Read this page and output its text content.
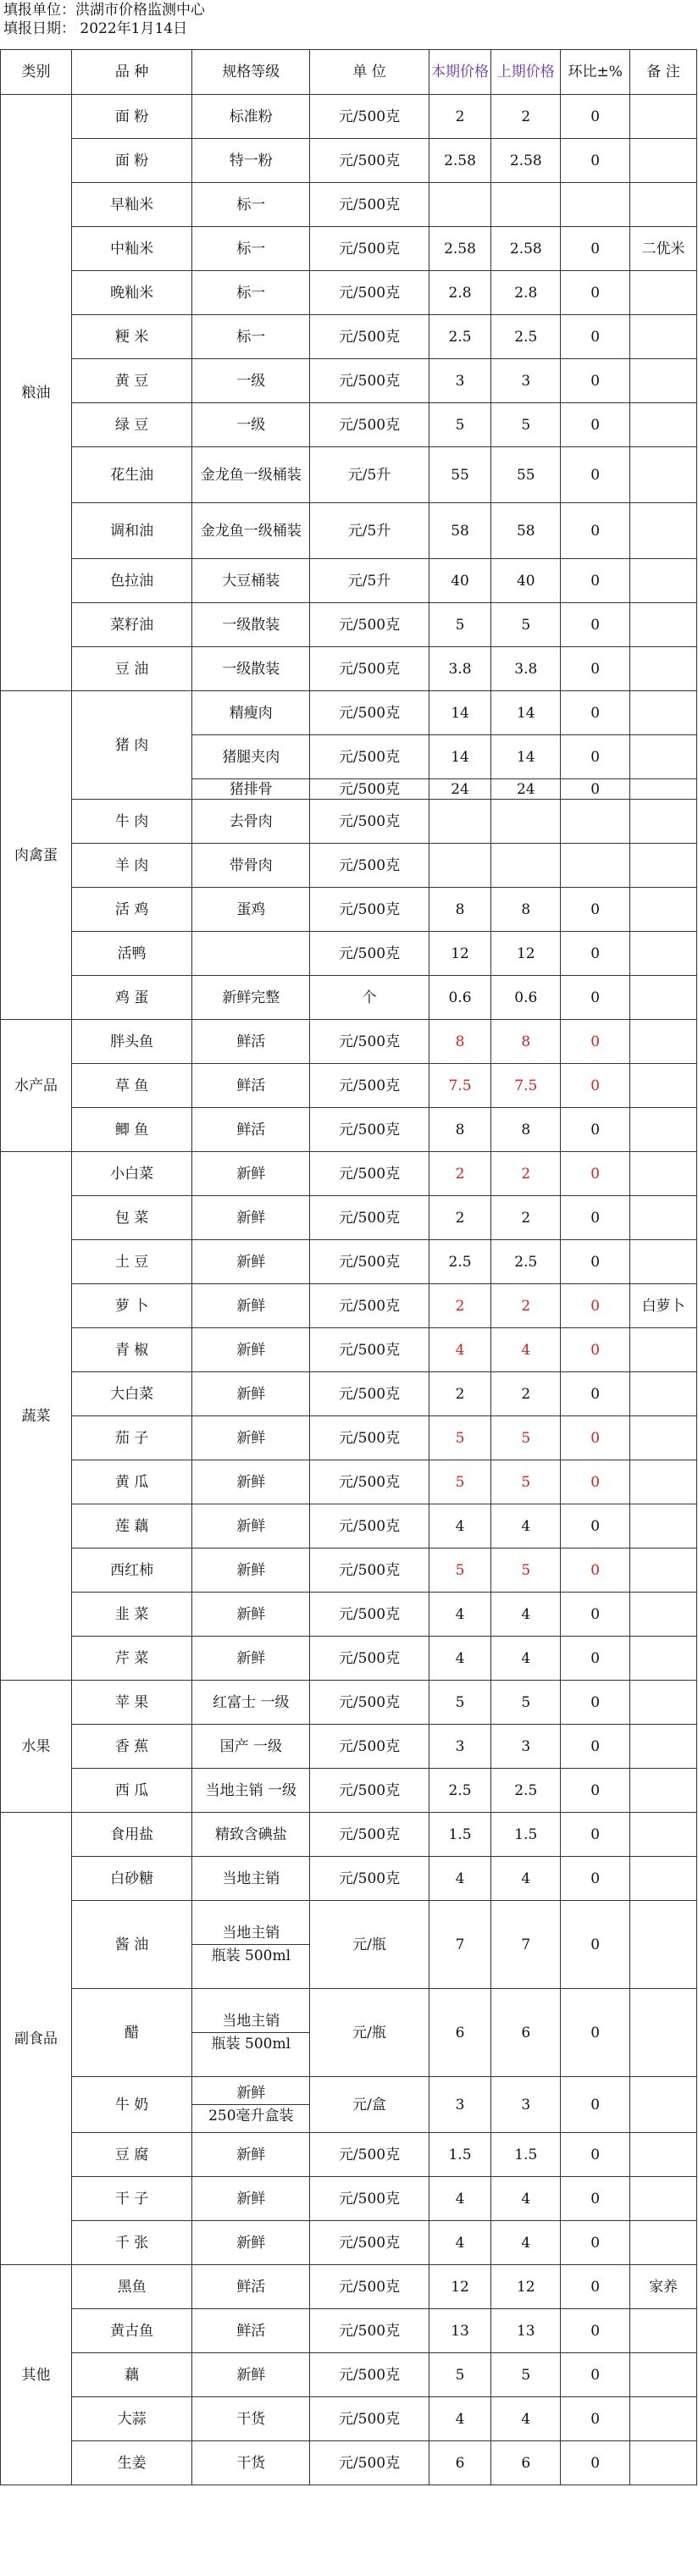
填报单位：洪湖市价格监测中心
填报日期： 2022年1月14日
类别	品 种	规格等级	单 位	本期价格	上期价格	环比±%	备 注
粮油	面 粉	标准粉	元/500克	2	2	0	
	面 粉	特一粉	元/500克	2.58	2.58	0	
	早籼米	标一	元/500克				
	中籼米	标一	元/500克	2.58	2.58	0	二优米
	晚籼米	标一	元/500克	2.8	2.8	0	
	粳 米	标一	元/500克	2.5	2.5	0	
	黄 豆	一级	元/500克	3	3	0	
	绿 豆	一级	元/500克	5	5	0	
	花生油	金龙鱼一级桶装	元/5升	55	55	0	
	调和油	金龙鱼一级桶装	元/5升	58	58	0	
	色拉油	大豆桶装	元/5升	40	40	0	
	菜籽油	一级散装	元/500克	5	5	0	
	豆 油	一级散装	元/500克	3.8	3.8	0	
肉禽蛋	猪 肉	精瘦肉	元/500克	14	14	0	
		猪腿夹肉	元/500克	14	14	0	
		猪排骨	元/500克	24	24	0	
	牛 肉	去骨肉	元/500克				
	羊 肉	带骨肉	元/500克				
	活 鸡	蛋鸡	元/500克	8	8	0	
	活鸭		元/500克	12	12	0	
	鸡 蛋	新鲜完整	个	0.6	0.6	0	
水产品	胖头鱼	鲜活	元/500克	8	8	0	
	草 鱼	鲜活	元/500克	7.5	7.5	0	
	鲫 鱼	鲜活	元/500克	8	8	0	
蔬菜	小白菜	新鲜	元/500克	2	2	0	
	包 菜	新鲜	元/500克	2	2	0	
	土 豆	新鲜	元/500克	2.5	2.5	0	
	萝 卜	新鲜	元/500克	2	2	0	白萝卜
	青 椒	新鲜	元/500克	4	4	0	
	大白菜	新鲜	元/500克	2	2	0	
	茄 子	新鲜	元/500克	5	5	0	
	黄 瓜	新鲜	元/500克	5	5	0	
	莲 藕	新鲜	元/500克	4	4	0	
	西红柿	新鲜	元/500克	5	5	0	
	韭 菜	新鲜	元/500克	4	4	0	
	芹 菜	新鲜	元/500克	4	4	0	
水果	苹 果	红富士 一级	元/500克	5	5	0	
	香 蕉	国产 一级	元/500克	3	3	0	
	西 瓜	当地主销 一级	元/500克	2.5	2.5	0	
副食品	食用盐	精致含碘盐	元/500克	1.5	1.5	0	
	白砂糖	当地主销	元/500克	4	4	0	
	酱 油	当地主销
瓶装 500ml	元/瓶	7	7	0	
	醋	当地主销
瓶装 500ml	元/瓶	6	6	0	
	牛 奶	新鲜
250毫升盒装	元/盒	3	3	0	
	豆 腐	新鲜	元/500克	1.5	1.5	0	
	干 子	新鲜	元/500克	4	4	0	
	千 张	新鲜	元/500克	4	4	0	
其他	黑鱼	鲜活	元/500克	12	12	0	家养
	黄古鱼	鲜活	元/500克	13	13	0	
	藕	新鲜	元/500克	5	5	0	
	大蒜	干货	元/500克	4	4	0	
	生姜	干货	元/500克	6	6	0	
